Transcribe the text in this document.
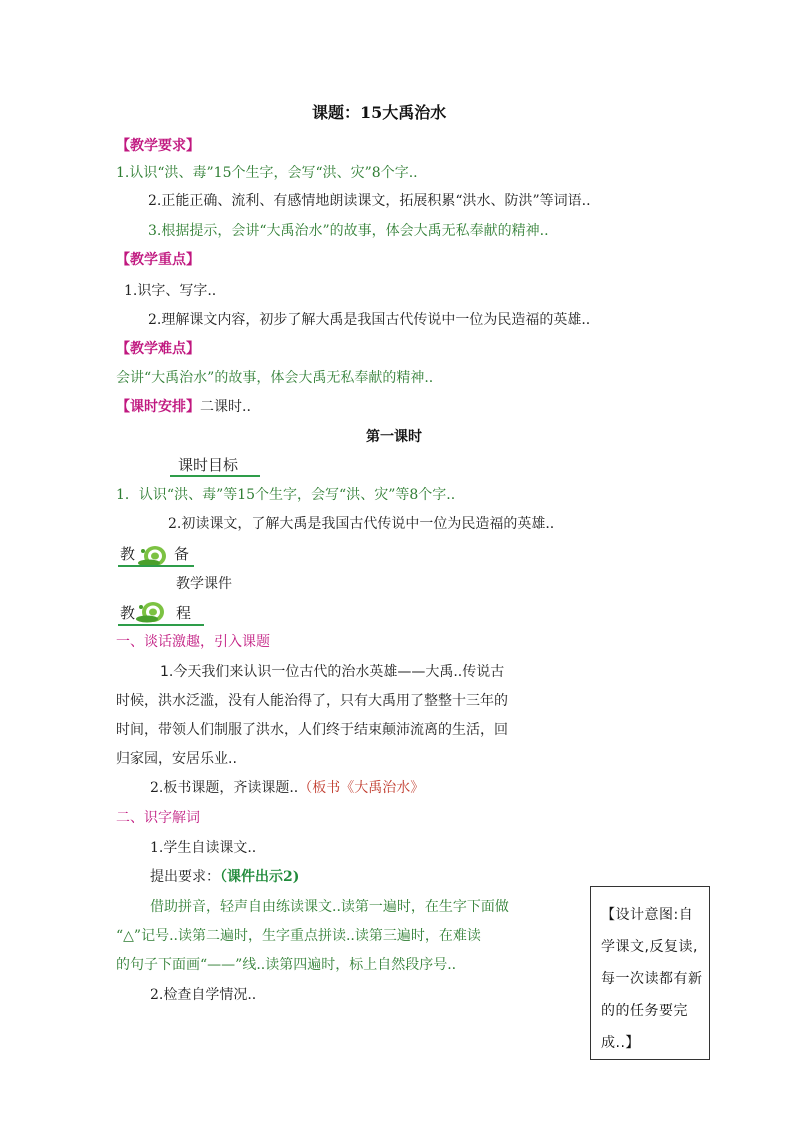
课题：15大禹治水
【教学要求】
1.认识“洪、毒”15个生字，会写“洪、灾”8个字..
2.正能正确、流利、有感情地朗读课文，拓展积累“洪水、防洪”等词语..
3.根据提示，会讲“大禹治水”的故事，体会大禹无私奉献的精神..
【教学重点】
1.识字、写字..
2.理解课文内容，初步了解大禹是我国古代传说中一位为民造福的英雄..
【教学难点】
会讲“大禹治水”的故事，体会大禹无私奉献的精神..
【课时安排】二课时..
第一课时
课时目标
1．认识“洪、毒”等15个生字，会写“洪、灾”等8个字..
2.初读课文，了解大禹是我国古代传说中一位为民造福的英雄..
教	备
教学课件
教	程
一、谈话激趣，引入课题
1.今天我们来认识一位古代的治水英雄——大禹..传说古
时候，洪水泛滥，没有人能治得了，只有大禹用了整整十三年的
时间，带领人们制服了洪水，人们终于结束颠沛流离的生活，回
归家园，安居乐业..
2.板书课题，齐读课题..（板书《大禹治水》
二、识字解词
1.学生自读课文..
提出要求：（课件出示2)
借助拼音，轻声自由练读课文..读第一遍时，在生字下面做
“△”记号..读第二遍时，生字重点拼读..读第三遍时，在难读
的句子下面画“——”线..读第四遍时，标上自然段序号..
2.检查自学情况..
【设计意图:自学课文,反复读,每一次读都有新的的任务要完成..】
